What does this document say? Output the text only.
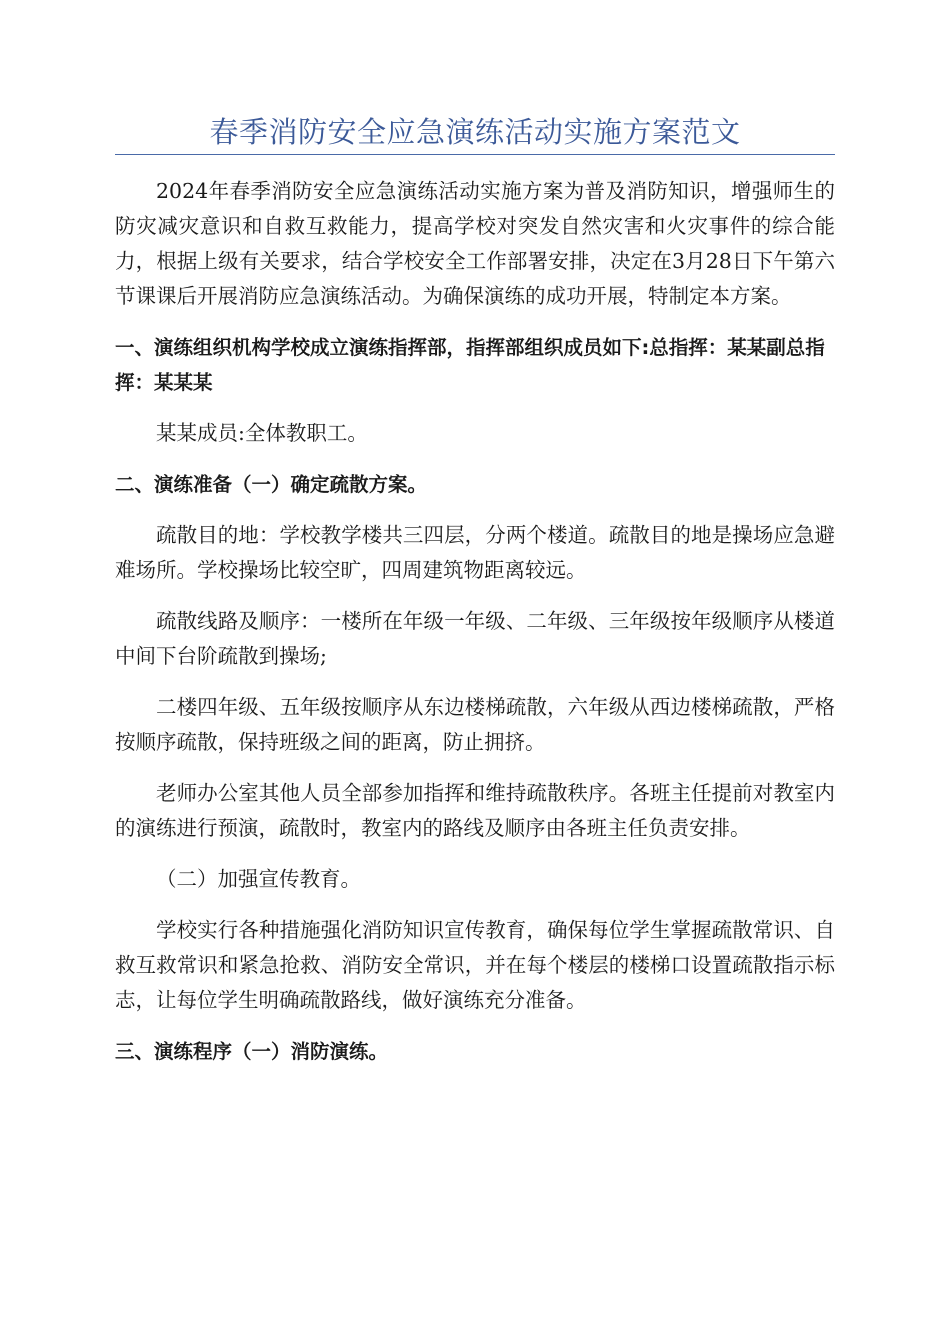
春季消防安全应急演练活动实施方案范文

2024年春季消防安全应急演练活动实施方案为普及消防知识，增强师生的防灾减灾意识和自救互救能力，提高学校对突发自然灾害和火灾事件的综合能力，根据上级有关要求，结合学校安全工作部署安排，决定在3月28日下午第六节课课后开展消防应急演练活动。为确保演练的成功开展，特制定本方案。

一、演练组织机构学校成立演练指挥部，指挥部组织成员如下:总指挥：某某副总指挥：某某某

某某成员:全体教职工。

二、演练准备（一）确定疏散方案。

疏散目的地：学校教学楼共三四层，分两个楼道。疏散目的地是操场应急避难场所。学校操场比较空旷，四周建筑物距离较远。

疏散线路及顺序：一楼所在年级一年级、二年级、三年级按年级顺序从楼道中间下台阶疏散到操场;

二楼四年级、五年级按顺序从东边楼梯疏散，六年级从西边楼梯疏散，严格按顺序疏散，保持班级之间的距离，防止拥挤。

老师办公室其他人员全部参加指挥和维持疏散秩序。各班主任提前对教室内的演练进行预演，疏散时，教室内的路线及顺序由各班主任负责安排。

（二）加强宣传教育。

学校实行各种措施强化消防知识宣传教育，确保每位学生掌握疏散常识、自救互救常识和紧急抢救、消防安全常识，并在每个楼层的楼梯口设置疏散指示标志，让每位学生明确疏散路线，做好演练充分准备。

三、演练程序（一）消防演练。
